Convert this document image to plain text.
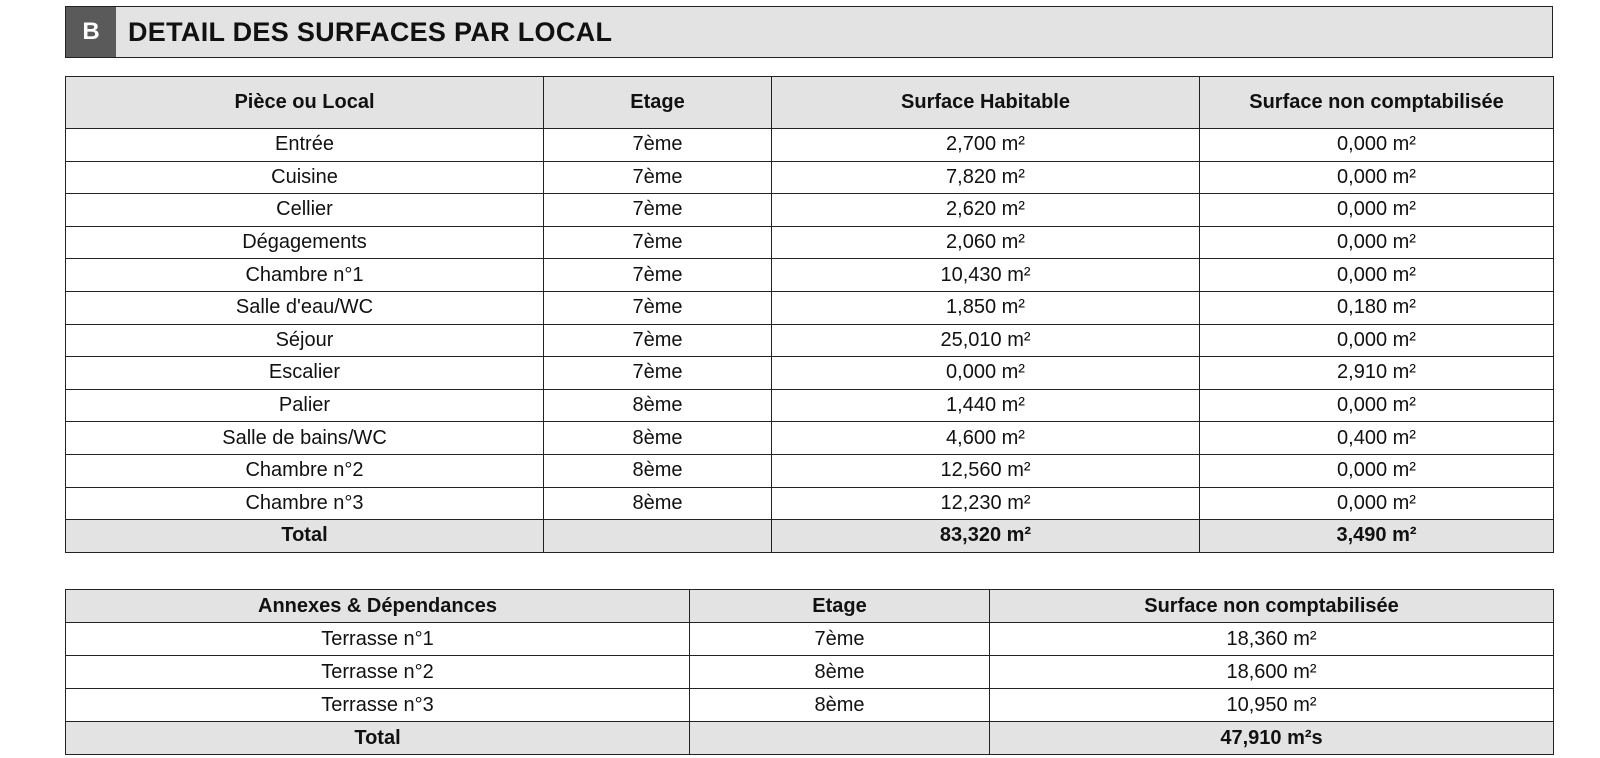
B	DETAIL DES SURFACES PAR LOCAL
Pièce ou Local	Etage	Surface Habitable	Surface non comptabilisée
Entrée	7ème	2,700 m²	0,000 m²
Cuisine	7ème	7,820 m²	0,000 m²
Cellier	7ème	2,620 m²	0,000 m²
Dégagements	7ème	2,060 m²	0,000 m²
Chambre n°1	7ème	10,430 m²	0,000 m²
Salle d'eau/WC	7ème	1,850 m²	0,180 m²
Séjour	7ème	25,010 m²	0,000 m²
Escalier	7ème	0,000 m²	2,910 m²
Palier	8ème	1,440 m²	0,000 m²
Salle de bains/WC	8ème	4,600 m²	0,400 m²
Chambre n°2	8ème	12,560 m²	0,000 m²
Chambre n°3	8ème	12,230 m²	0,000 m²
Total		83,320 m²	3,490 m²
Annexes & Dépendances	Etage	Surface non comptabilisée
Terrasse n°1	7ème	18,360 m²
Terrasse n°2	8ème	18,600 m²
Terrasse n°3	8ème	10,950 m²
Total		47,910 m²s
